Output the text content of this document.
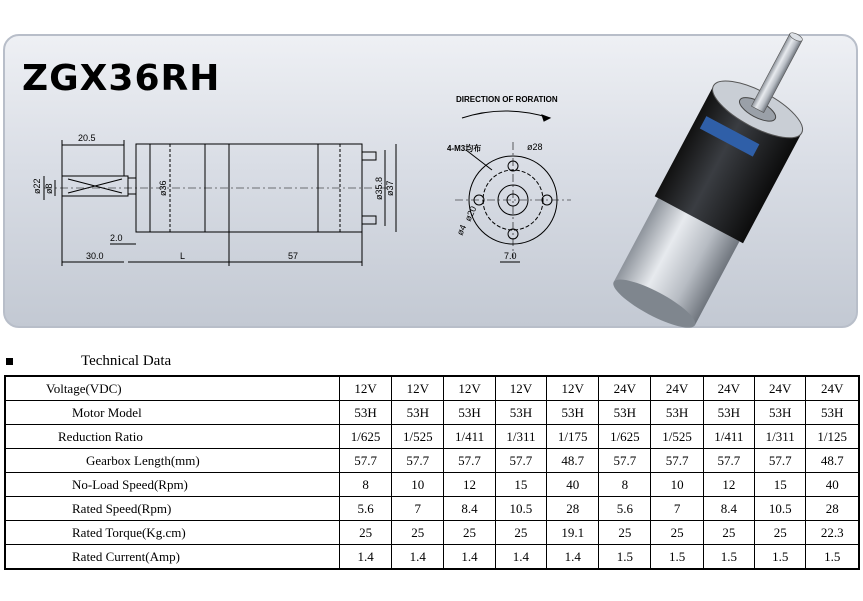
ZGX36RH
20.5
ø22 ø8	ø36	ø35.8 ø37
2.0
30.0	L	57
DIRECTION OF RORATION
4-M3均布	ø28
ø20
ø4
7.0
Technical Data
Voltage(VDC)	12V	12V	12V	12V	12V	24V	24V	24V	24V	24V
Motor Model	53H	53H	53H	53H	53H	53H	53H	53H	53H	53H
Reduction Ratio	1/625	1/525	1/411	1/311	1/175	1/625	1/525	1/411	1/311	1/125
Gearbox Length(mm)	57.7	57.7	57.7	57.7	48.7	57.7	57.7	57.7	57.7	48.7
No-Load Speed(Rpm)	8	10	12	15	40	8	10	12	15	40
Rated Speed(Rpm)	5.6	7	8.4	10.5	28	5.6	7	8.4	10.5	28
Rated Torque(Kg.cm)	25	25	25	25	19.1	25	25	25	25	22.3
Rated Current(Amp)	1.4	1.4	1.4	1.4	1.4	1.5	1.5	1.5	1.5	1.5
